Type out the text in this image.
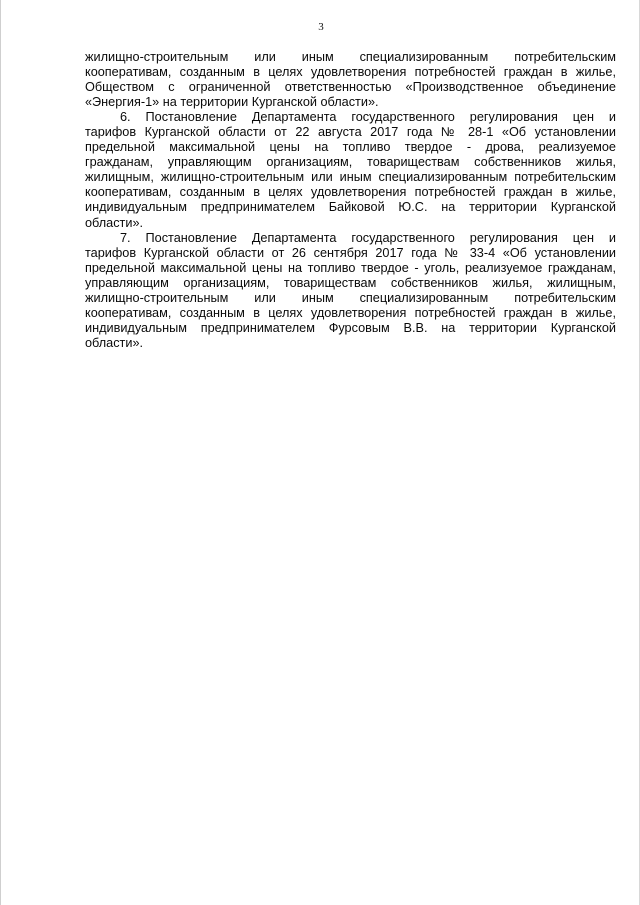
3

жилищно-строительным или иным специализированным потребительским
кооперативам, созданным в целях удовлетворения потребностей граждан в жилье,
Обществом с ограниченной ответственностью «Производственное объединение
«Энергия-1» на территории Курганской области».

6. Постановление Департамента государственного регулирования цен и
тарифов Курганской области от 22 августа 2017 года № 28-1 «Об установлении
предельной максимальной цены на топливо твердое - дрова, реализуемое
гражданам, управляющим организациям, товариществам собственников жилья,
жилищным, жилищно-строительным или иным специализированным потребительским
кооперативам, созданным в целях удовлетворения потребностей граждан в жилье,
индивидуальным предпринимателем Байковой Ю.С. на территории Курганской
области».

7. Постановление Департамента государственного регулирования цен и
тарифов Курганской области от 26 сентября 2017 года № 33-4 «Об установлении
предельной максимальной цены на топливо твердое - уголь, реализуемое гражданам,
управляющим организациям, товариществам собственников жилья, жилищным,
жилищно-строительным или иным специализированным потребительским
кооперативам, созданным в целях удовлетворения потребностей граждан в жилье,
индивидуальным предпринимателем Фурсовым В.В. на территории Курганской
области».
